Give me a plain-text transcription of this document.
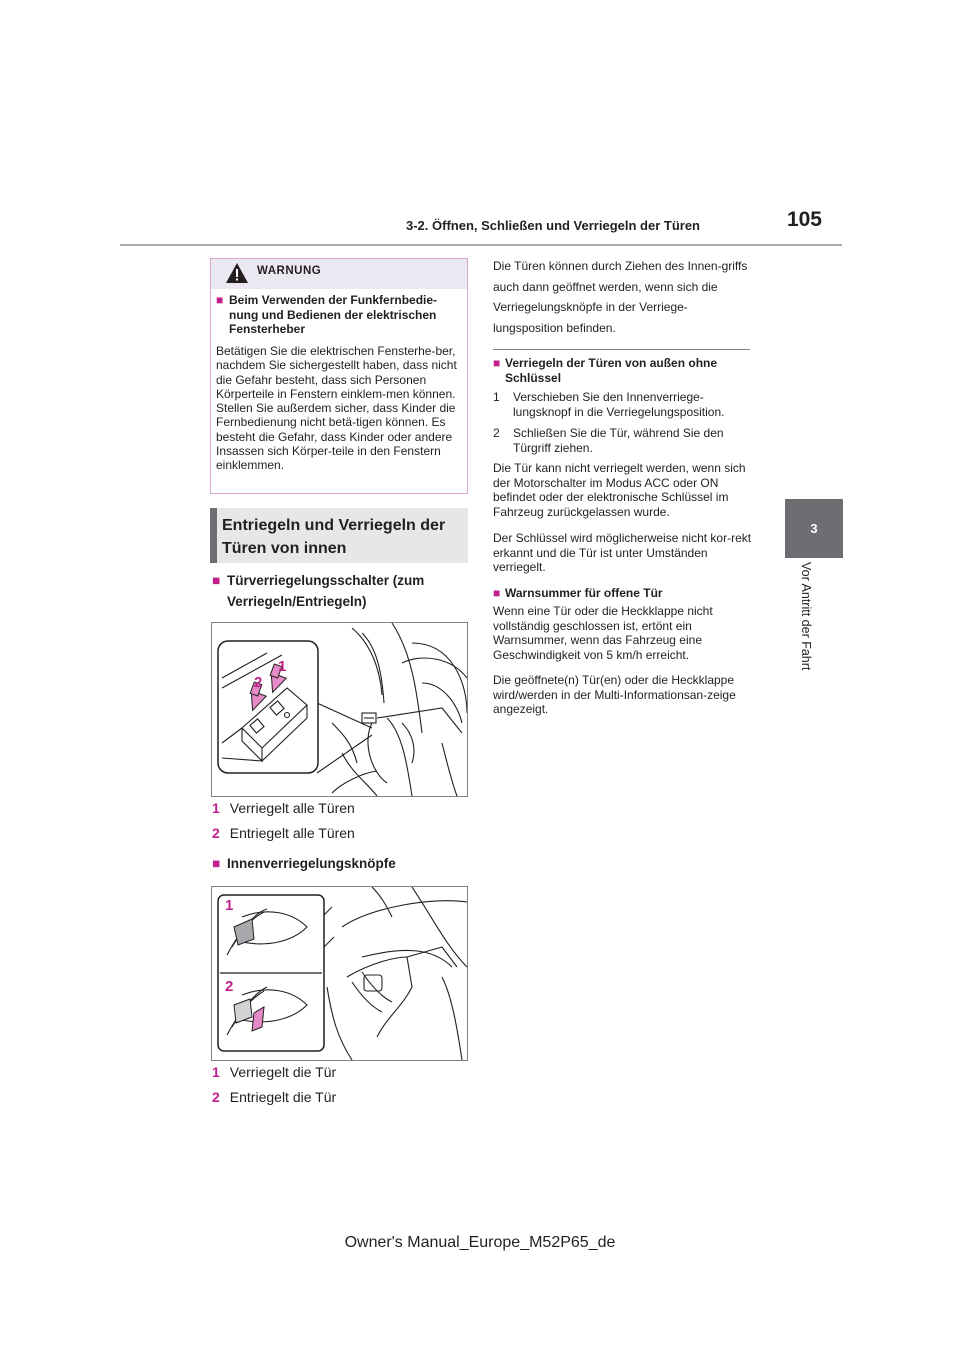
3-2. Öffnen, Schließen und Verriegeln der Türen	105
3
Vor Antritt der Fahrt
WARNUNG
■ Beim Verwenden der Funkfernbedie-nung und Bedienen der elektrischen Fensterheber
Betätigen Sie die elektrischen Fensterhe-ber, nachdem Sie sichergestellt haben, dass nicht die Gefahr besteht, dass sich Personen Körperteile in Fenstern einklem-men können. Stellen Sie außerdem sicher, dass Kinder die Fernbedienung nicht betä-tigen können. Es besteht die Gefahr, dass Kinder oder andere Insassen sich Körper-teile in den Fenstern einklemmen.
Entriegeln und Verriegeln der Türen von innen
■ Türverriegelungsschalter (zum Verriegeln/Entriegeln)
1
2
1 Verriegelt alle Türen
2 Entriegelt alle Türen
■ Innenverriegelungsknöpfe
1
2
1 Verriegelt die Tür
2 Entriegelt die Tür
Die Türen können durch Ziehen des Innen-griffs auch dann geöffnet werden, wenn sich die Verriegelungsknöpfe in der Verriege-lungsposition befinden.
■ Verriegeln der Türen von außen ohne Schlüssel
1 Verschieben Sie den Innenverriege-lungsknopf in die Verriegelungsposition.
2 Schließen Sie die Tür, während Sie den Türgriff ziehen.
Die Tür kann nicht verriegelt werden, wenn sich der Motorschalter im Modus ACC oder ON befindet oder der elektronische Schlüssel im Fahrzeug zurückgelassen wurde.
Der Schlüssel wird möglicherweise nicht kor-rekt erkannt und die Tür ist unter Umständen verriegelt.
■ Warnsummer für offene Tür
Wenn eine Tür oder die Heckklappe nicht vollständig geschlossen ist, ertönt ein Warnsummer, wenn das Fahrzeug eine Geschwindigkeit von 5 km/h erreicht.
Die geöffnete(n) Tür(en) oder die Heckklappe wird/werden in der Multi-Informationsan-zeige angezeigt.
Owner's Manual_Europe_M52P65_de
